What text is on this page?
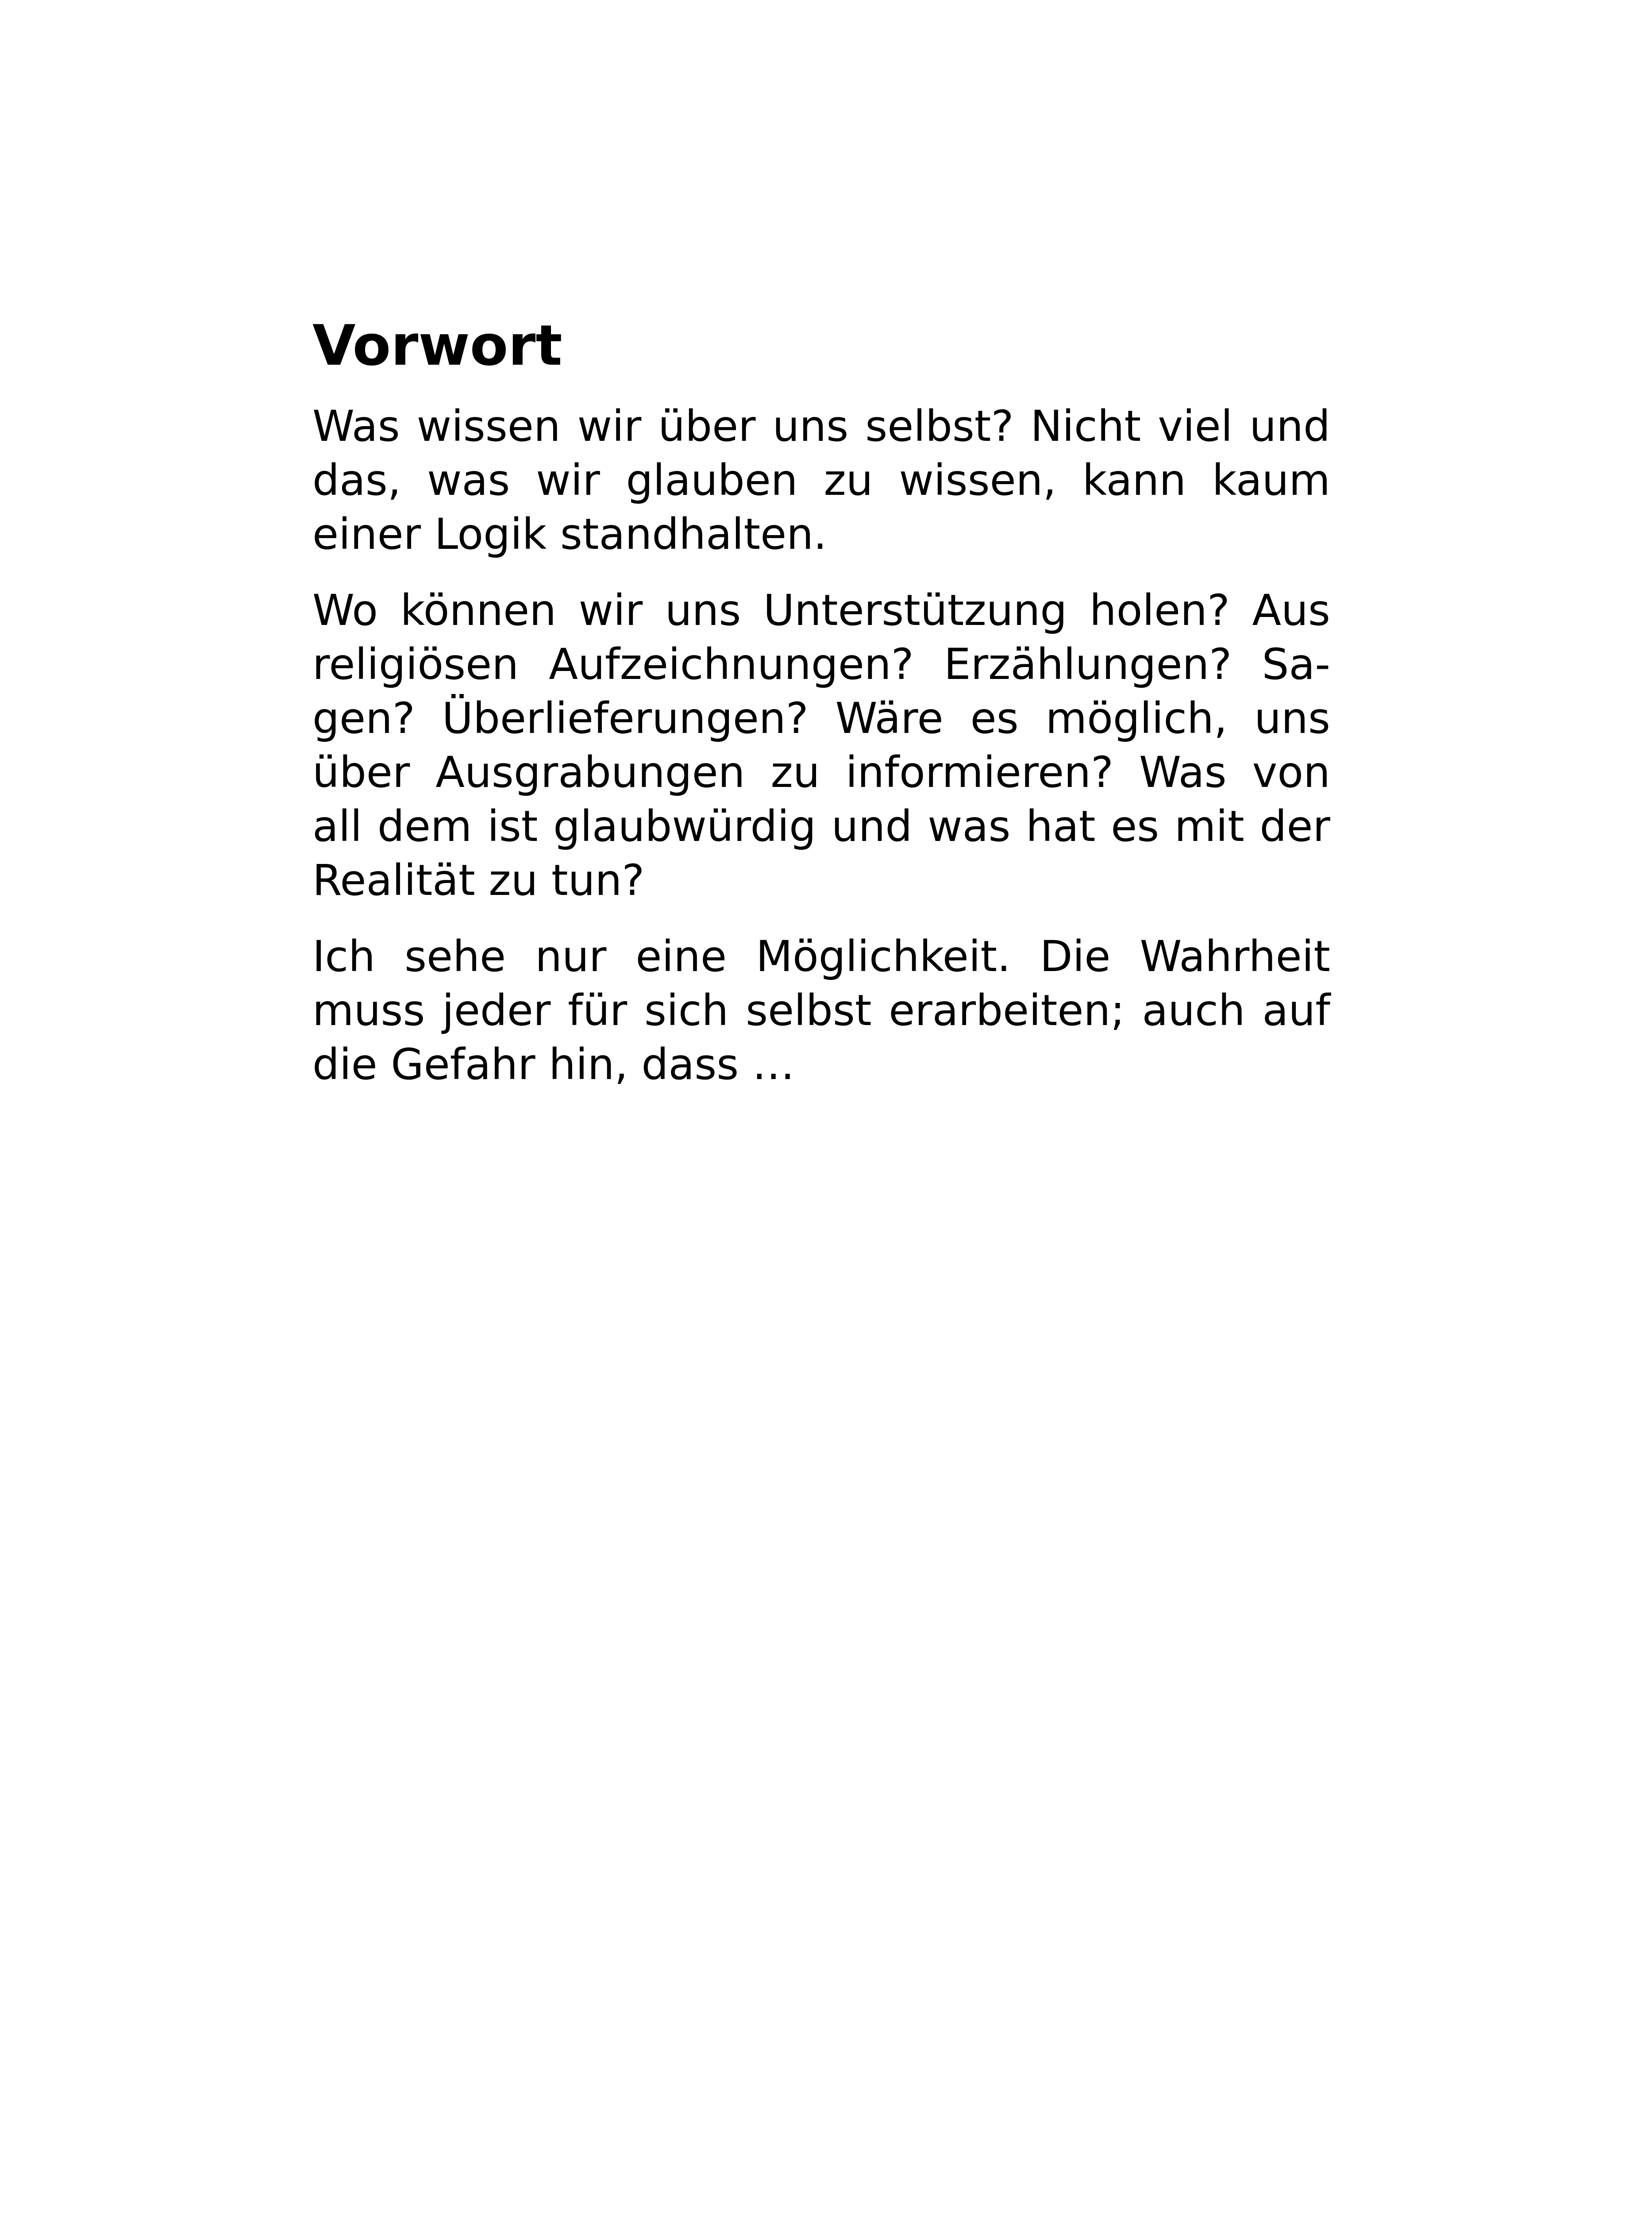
Vorwort

Was wissen wir über uns selbst? Nicht viel und das, was wir glauben zu wissen, kann kaum einer Logik standhalten.

Wo können wir uns Unterstützung holen? Aus religiösen Aufzeichnungen? Erzählungen? Sagen? Überlieferungen? Wäre es möglich, uns über Ausgrabungen zu informieren? Was von all dem ist glaubwürdig und was hat es mit der Realität zu tun?

Ich sehe nur eine Möglichkeit. Die Wahrheit muss jeder für sich selbst erarbeiten; auch auf die Gefahr hin, dass …
